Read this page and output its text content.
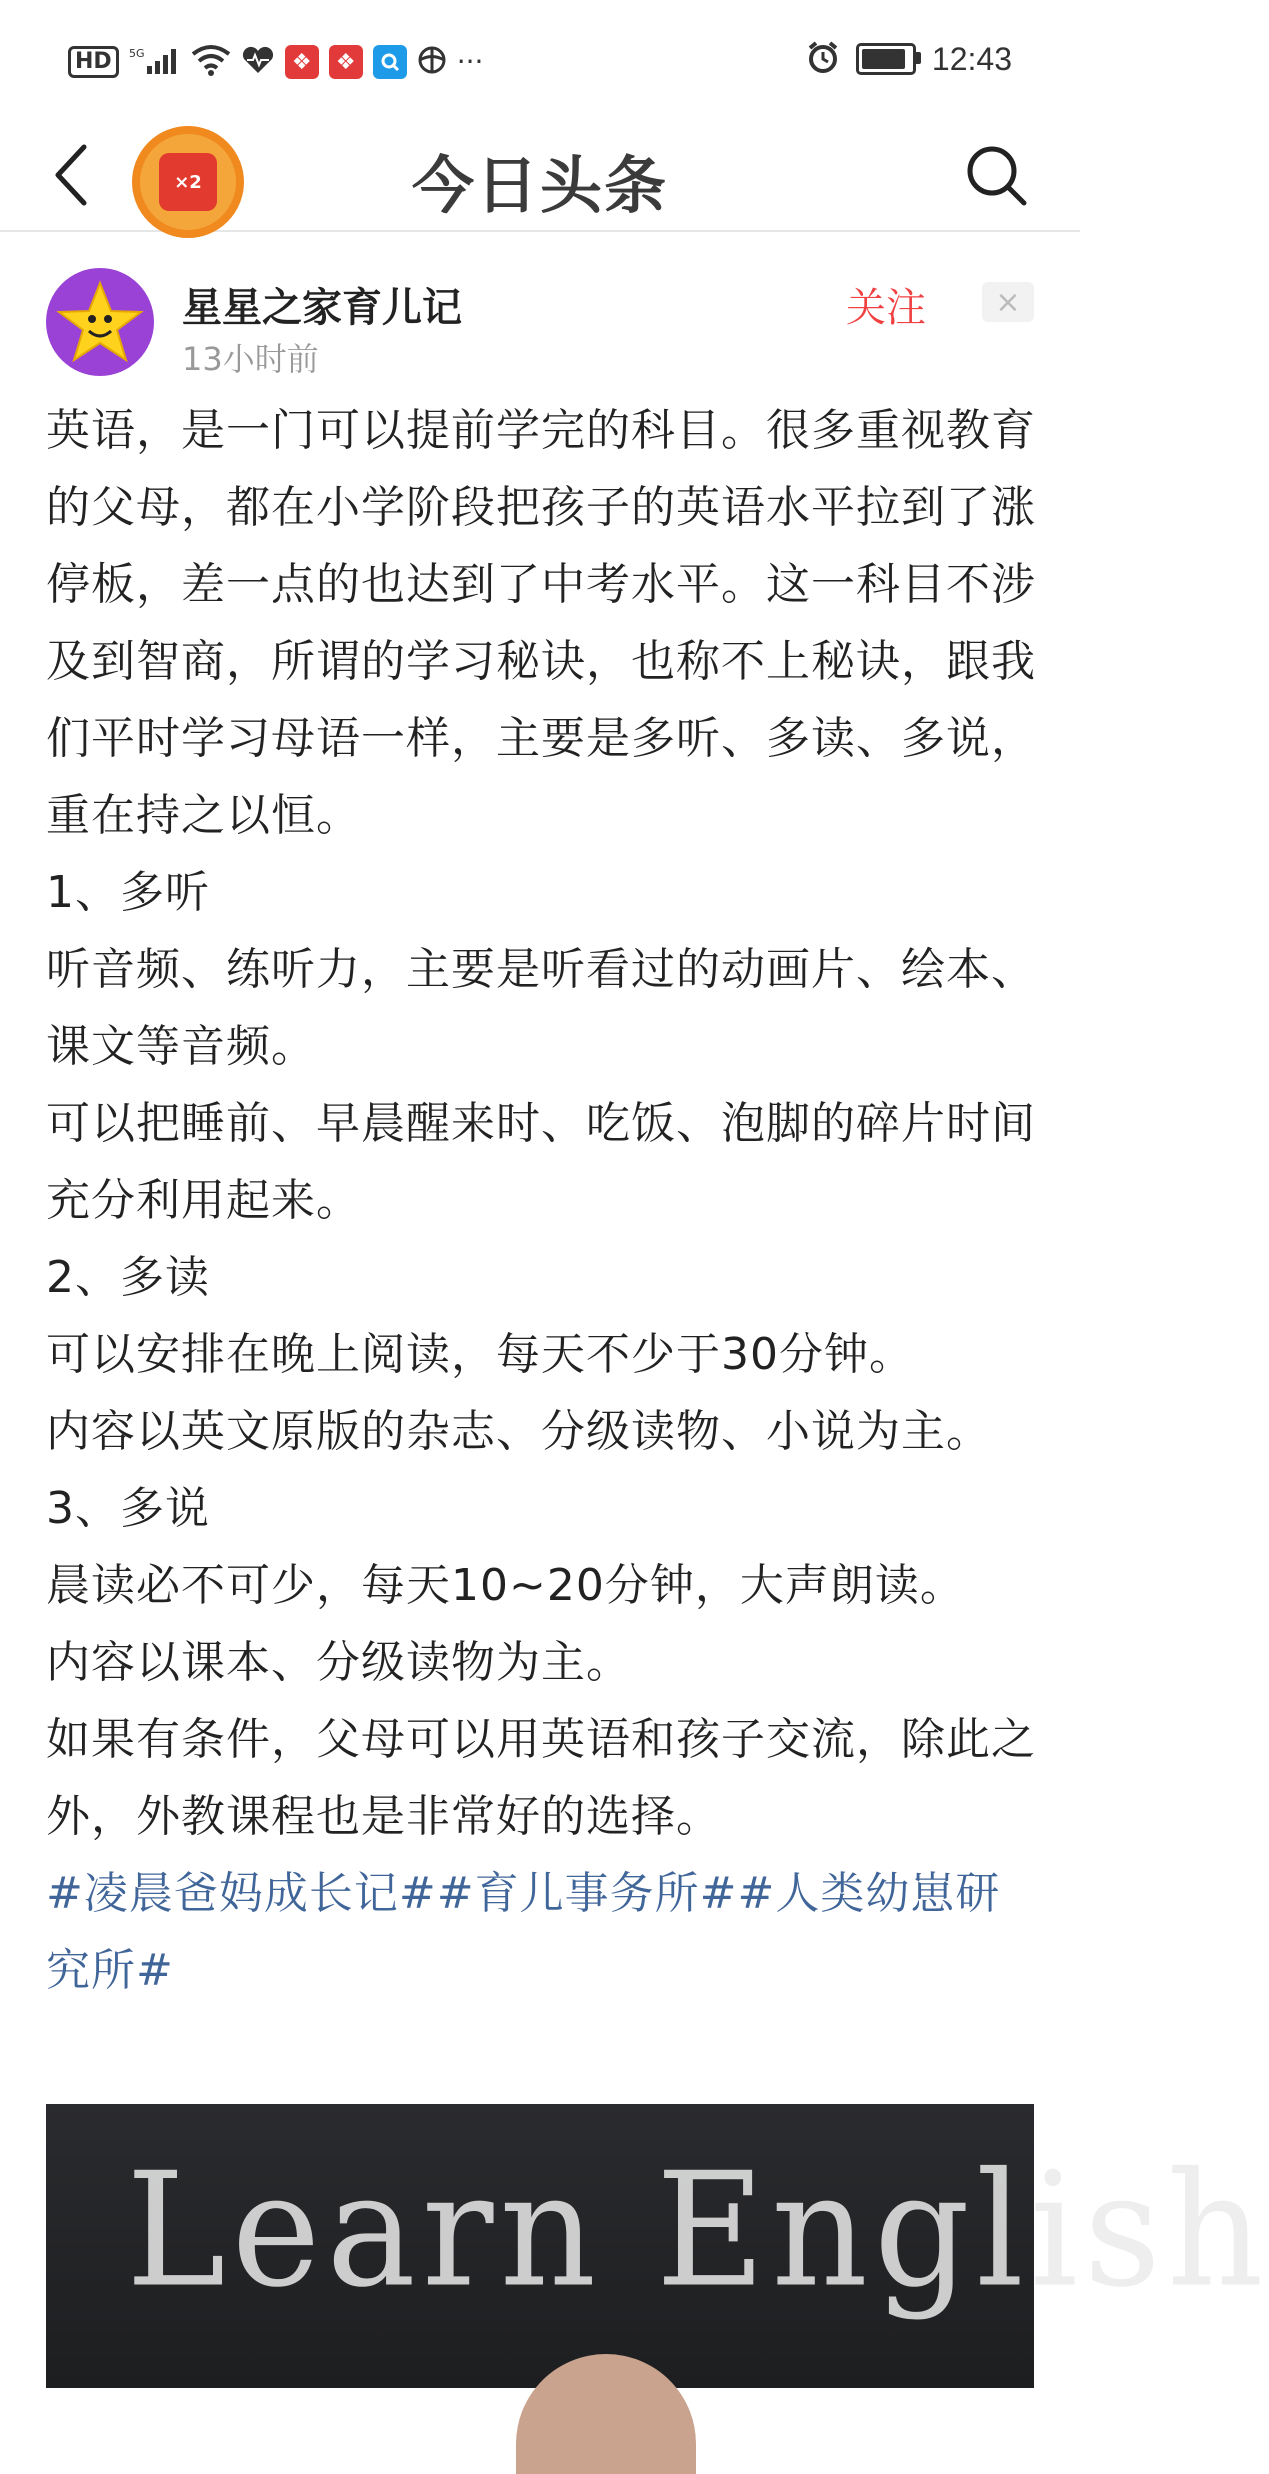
HD	5G	❖	❖	···	12:43
×2	今日头条
星星之家育儿记
13小时前
关注 ×

英语，是一门可以提前学完的科目。很多重视教育的父母，都在小学阶段把孩子的英语水平拉到了涨停板，差一点的也达到了中考水平。这一科目不涉及到智商，所谓的学习秘诀，也称不上秘诀，跟我们平时学习母语一样，主要是多听、多读、多说，重在持之以恒。

1、多听

听音频、练听力，主要是听看过的动画片、绘本、课文等音频。

可以把睡前、早晨醒来时、吃饭、泡脚的碎片时间充分利用起来。

2、多读

可以安排在晚上阅读，每天不少于30分钟。

内容以英文原版的杂志、分级读物、小说为主。

3、多说

晨读必不可少，每天10~20分钟，大声朗读。

内容以课本、分级读物为主。

如果有条件，父母可以用英语和孩子交流，除此之外，外教课程也是非常好的选择。

#凌晨爸妈成长记##育儿事务所##人类幼崽研究所#

Learn English
